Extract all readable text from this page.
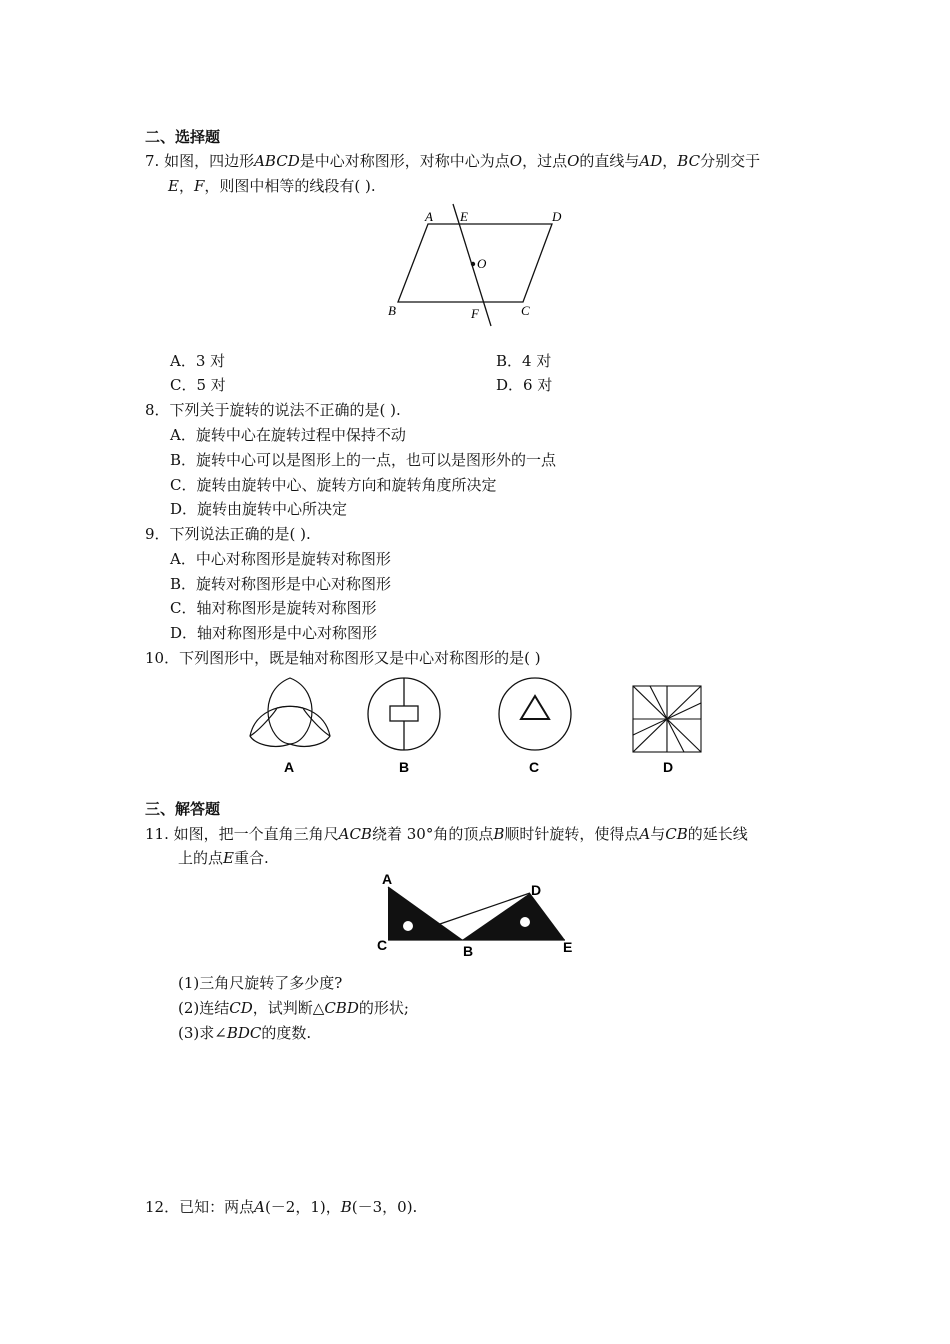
二、选择题
7. 如图，四边形ABCD是中心对称图形，对称中心为点O，过点O的直线与AD，BC分别交于
E，F，则图中相等的线段有( ).
A E	D
O
B	F	C
A．3 对	B．4 对
C．5 对	D．6 对
8．下列关于旋转的说法不正确的是( ).
A．旋转中心在旋转过程中保持不动
B．旋转中心可以是图形上的一点，也可以是图形外的一点
C．旋转由旋转中心、旋转方向和旋转角度所决定
D．旋转由旋转中心所决定
9．下列说法正确的是( ).
A．中心对称图形是旋转对称图形
B．旋转对称图形是中心对称图形
C．轴对称图形是旋转对称图形
D．轴对称图形是中心对称图形
10．下列图形中，既是轴对称图形又是中心对称图形的是( )
A	B	C	D
三、解答题
11. 如图，把一个直角三角尺ACB绕着 30°角的顶点B顺时针旋转，使得点A与CB的延长线
上的点E重合.
A
D
C	B	E
(1)三角尺旋转了多少度?
(2)连结CD，试判断△CBD的形状;
(3)求∠BDC的度数.
12．已知：两点A(－2，1)，B(－3，0).
